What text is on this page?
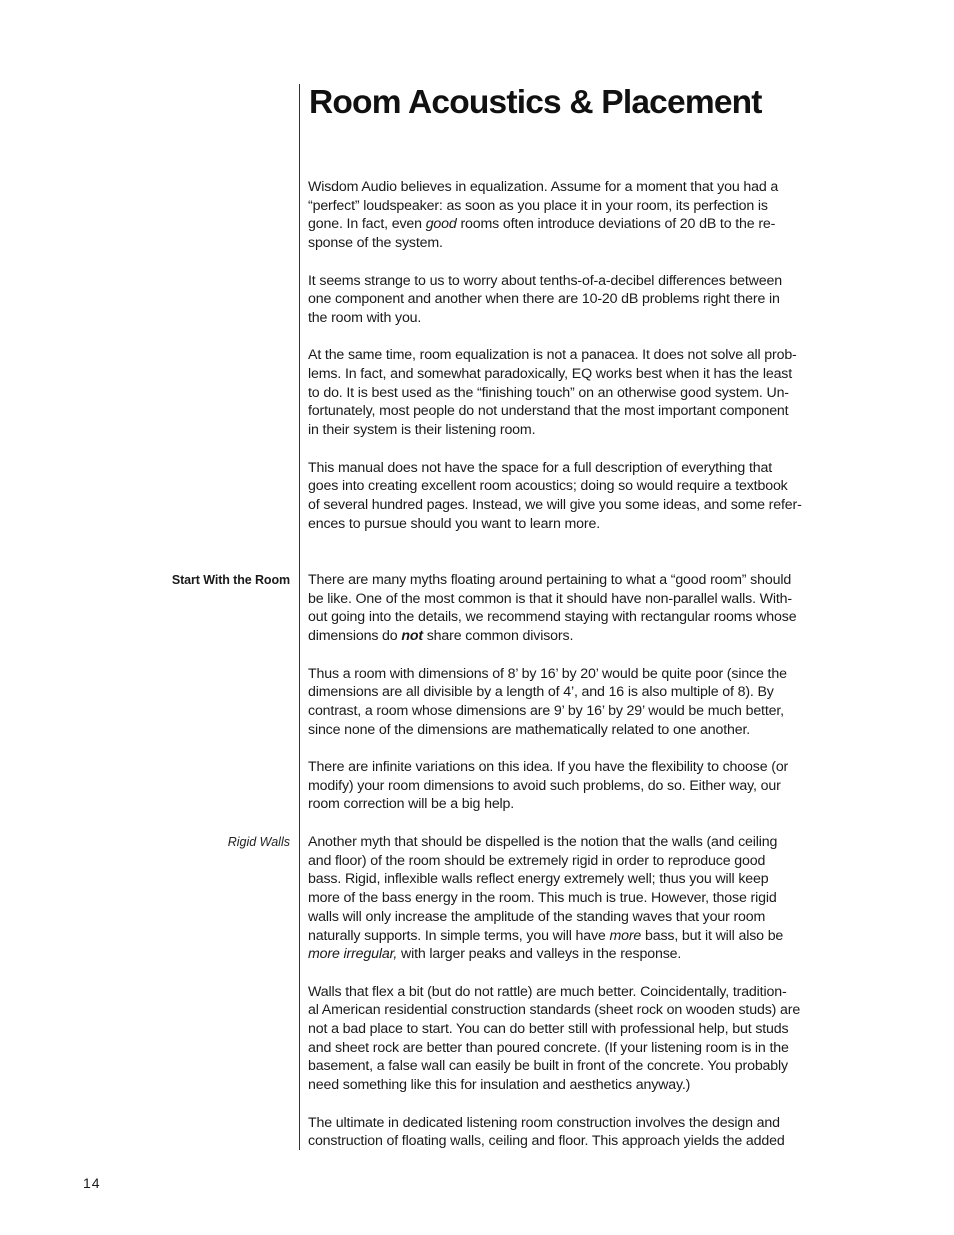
Room Acoustics & Placement

Wisdom Audio believes in equalization. Assume for a moment that you had a
“perfect” loudspeaker: as soon as you place it in your room, its perfection is
gone. In fact, even good rooms often introduce deviations of 20 dB to the re-
sponse of the system.

It seems strange to us to worry about tenths-of-a-decibel differences between
one component and another when there are 10-20 dB problems right there in
the room with you.

At the same time, room equalization is not a panacea. It does not solve all prob-
lems. In fact, and somewhat paradoxically, EQ works best when it has the least
to do. It is best used as the “finishing touch” on an otherwise good system. Un-
fortunately, most people do not understand that the most important component
in their system is their listening room.

This manual does not have the space for a full description of everything that
goes into creating excellent room acoustics; doing so would require a textbook
of several hundred pages. Instead, we will give you some ideas, and some refer-
ences to pursue should you want to learn more.

Start With the Room There are many myths floating around pertaining to what a “good room” should
be like. One of the most common is that it should have non-parallel walls. With-
out going into the details, we recommend staying with rectangular rooms whose
dimensions do not share common divisors.

Thus a room with dimensions of 8’ by 16’ by 20’ would be quite poor (since the
dimensions are all divisible by a length of 4’, and 16 is also multiple of 8). By
contrast, a room whose dimensions are 9’ by 16’ by 29’ would be much better,
since none of the dimensions are mathematically related to one another.

There are infinite variations on this idea. If you have the flexibility to choose (or
modify) your room dimensions to avoid such problems, do so. Either way, our
room correction will be a big help.

Rigid Walls Another myth that should be dispelled is the notion that the walls (and ceiling
and floor) of the room should be extremely rigid in order to reproduce good
bass. Rigid, inflexible walls reflect energy extremely well; thus you will keep
more of the bass energy in the room. This much is true. However, those rigid
walls will only increase the amplitude of the standing waves that your room
naturally supports. In simple terms, you will have more bass, but it will also be
more irregular, with larger peaks and valleys in the response.

Walls that flex a bit (but do not rattle) are much better. Coincidentally, tradition-
al American residential construction standards (sheet rock on wooden studs) are
not a bad place to start. You can do better still with professional help, but studs
and sheet rock are better than poured concrete. (If your listening room is in the
basement, a false wall can easily be built in front of the concrete. You probably
need something like this for insulation and aesthetics anyway.)

The ultimate in dedicated listening room construction involves the design and
construction of floating walls, ceiling and floor. This approach yields the added

14
